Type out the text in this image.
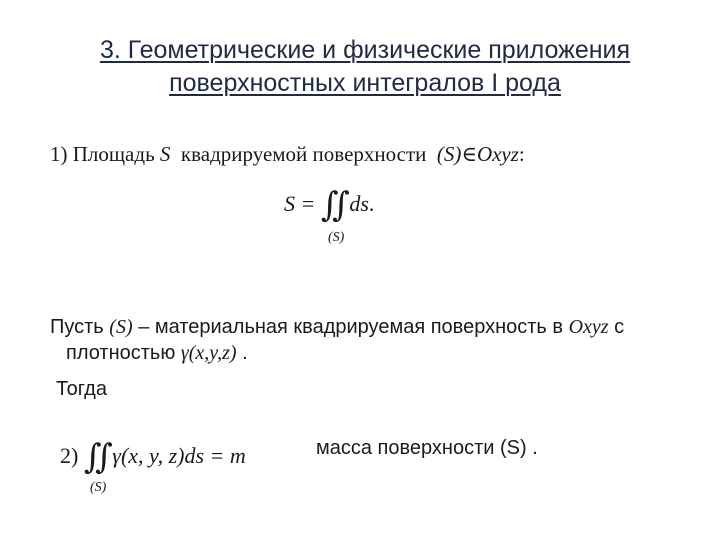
3. Геометрические и физические приложения
поверхностных интегралов I рода
1) Площадь S квадрируемой поверхности (S)∈Oxyz:
S = ∬ ds.
(S)
Пусть (S) – материальная квадрируемая поверхность в Oxyz с
плотностью γ(x,y,z) .
Тогда
2) ∬ γ(x, y, z)ds = m
(S)
масса поверхности (S) .
